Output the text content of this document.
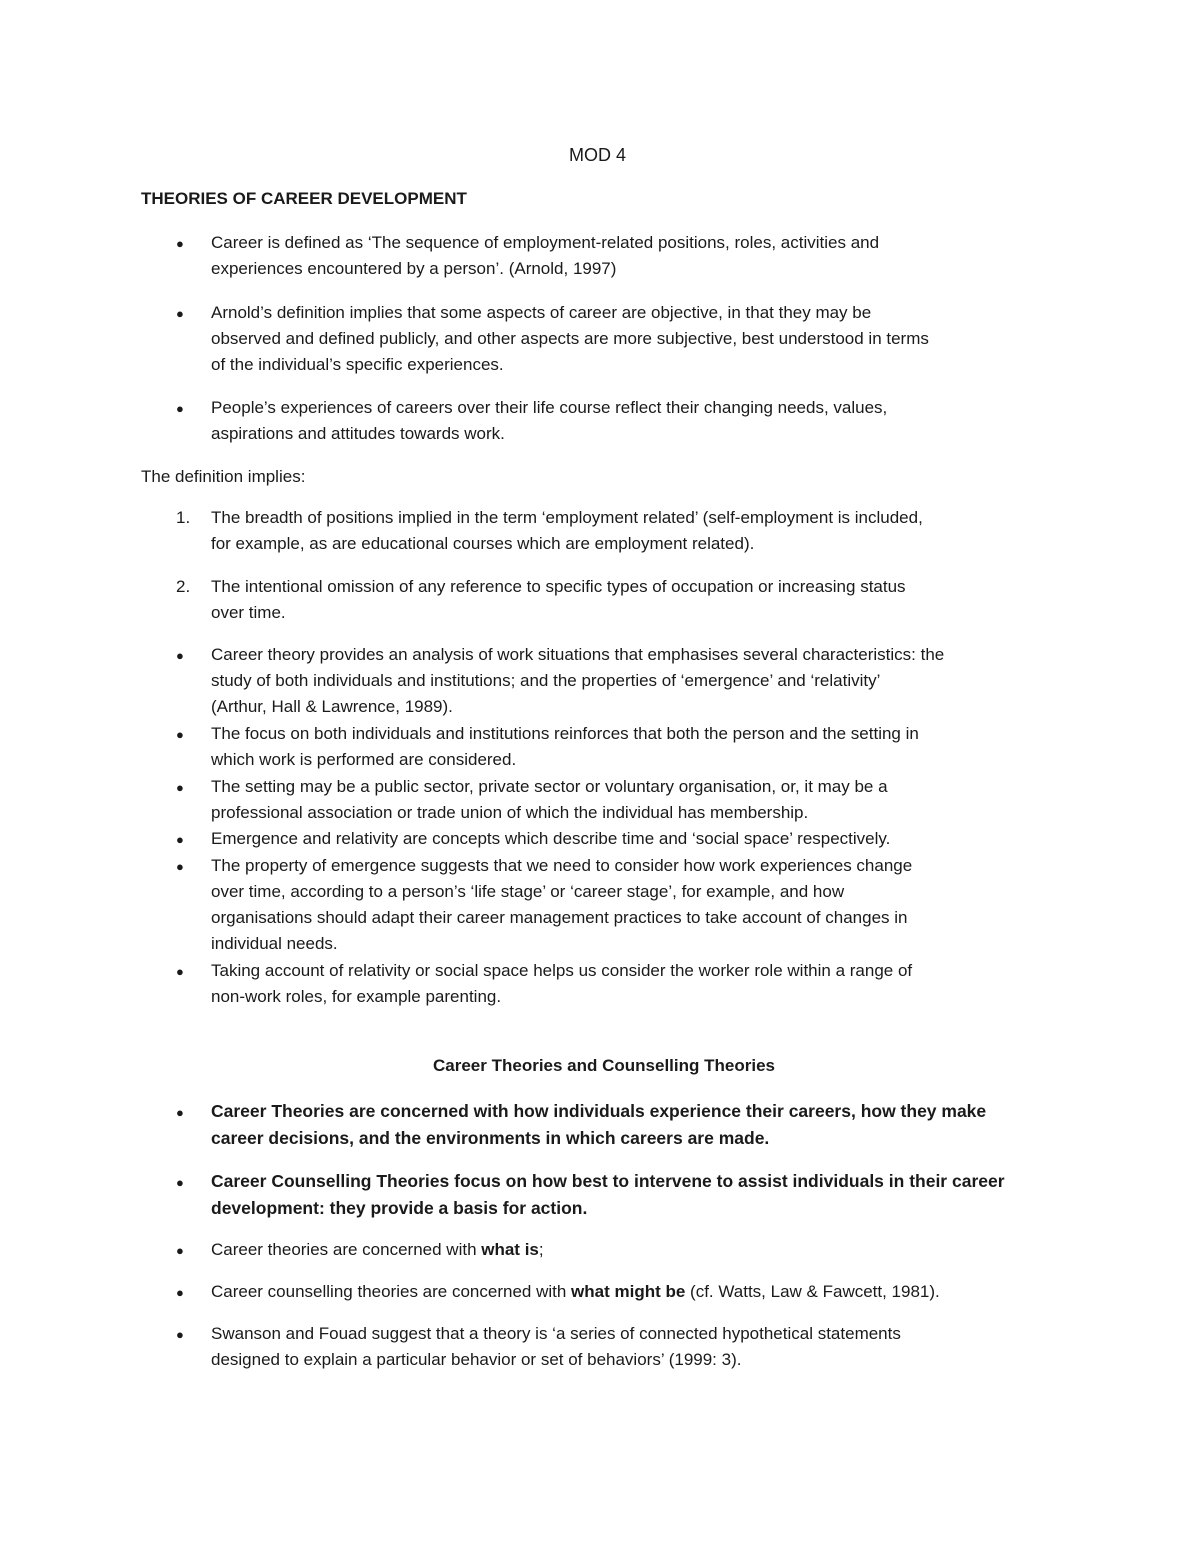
MOD 4
THEORIES OF CAREER DEVELOPMENT
● Career is defined as ‘The sequence of employment-related positions, roles, activities and
experiences encountered by a person’. (Arnold, 1997)
● Arnold’s definition implies that some aspects of career are objective, in that they may be
observed and defined publicly, and other aspects are more subjective, best understood in terms
of the individual’s specific experiences.
● People’s experiences of careers over their life course reflect their changing needs, values,
aspirations and attitudes towards work.
The definition implies:
1. The breadth of positions implied in the term ‘employment related’ (self-employment is included,
for example, as are educational courses which are employment related).
2. The intentional omission of any reference to specific types of occupation or increasing status
over time.
● Career theory provides an analysis of work situations that emphasises several characteristics: the
study of both individuals and institutions; and the properties of ‘emergence’ and ‘relativity’
(Arthur, Hall & Lawrence, 1989).
● The focus on both individuals and institutions reinforces that both the person and the setting in
which work is performed are considered.
● The setting may be a public sector, private sector or voluntary organisation, or, it may be a
professional association or trade union of which the individual has membership.
● Emergence and relativity are concepts which describe time and ‘social space’ respectively.
● The property of emergence suggests that we need to consider how work experiences change
over time, according to a person’s ‘life stage’ or ‘career stage’, for example, and how
organisations should adapt their career management practices to take account of changes in
individual needs.
● Taking account of relativity or social space helps us consider the worker role within a range of
non-work roles, for example parenting.
Career Theories and Counselling Theories
● Career Theories are concerned with how individuals experience their careers, how they make
career decisions, and the environments in which careers are made.
● Career Counselling Theories focus on how best to intervene to assist individuals in their career
development: they provide a basis for action.
● Career theories are concerned with what is;
● Career counselling theories are concerned with what might be (cf. Watts, Law & Fawcett, 1981).
● Swanson and Fouad suggest that a theory is ‘a series of connected hypothetical statements
designed to explain a particular behavior or set of behaviors’ (1999: 3).
